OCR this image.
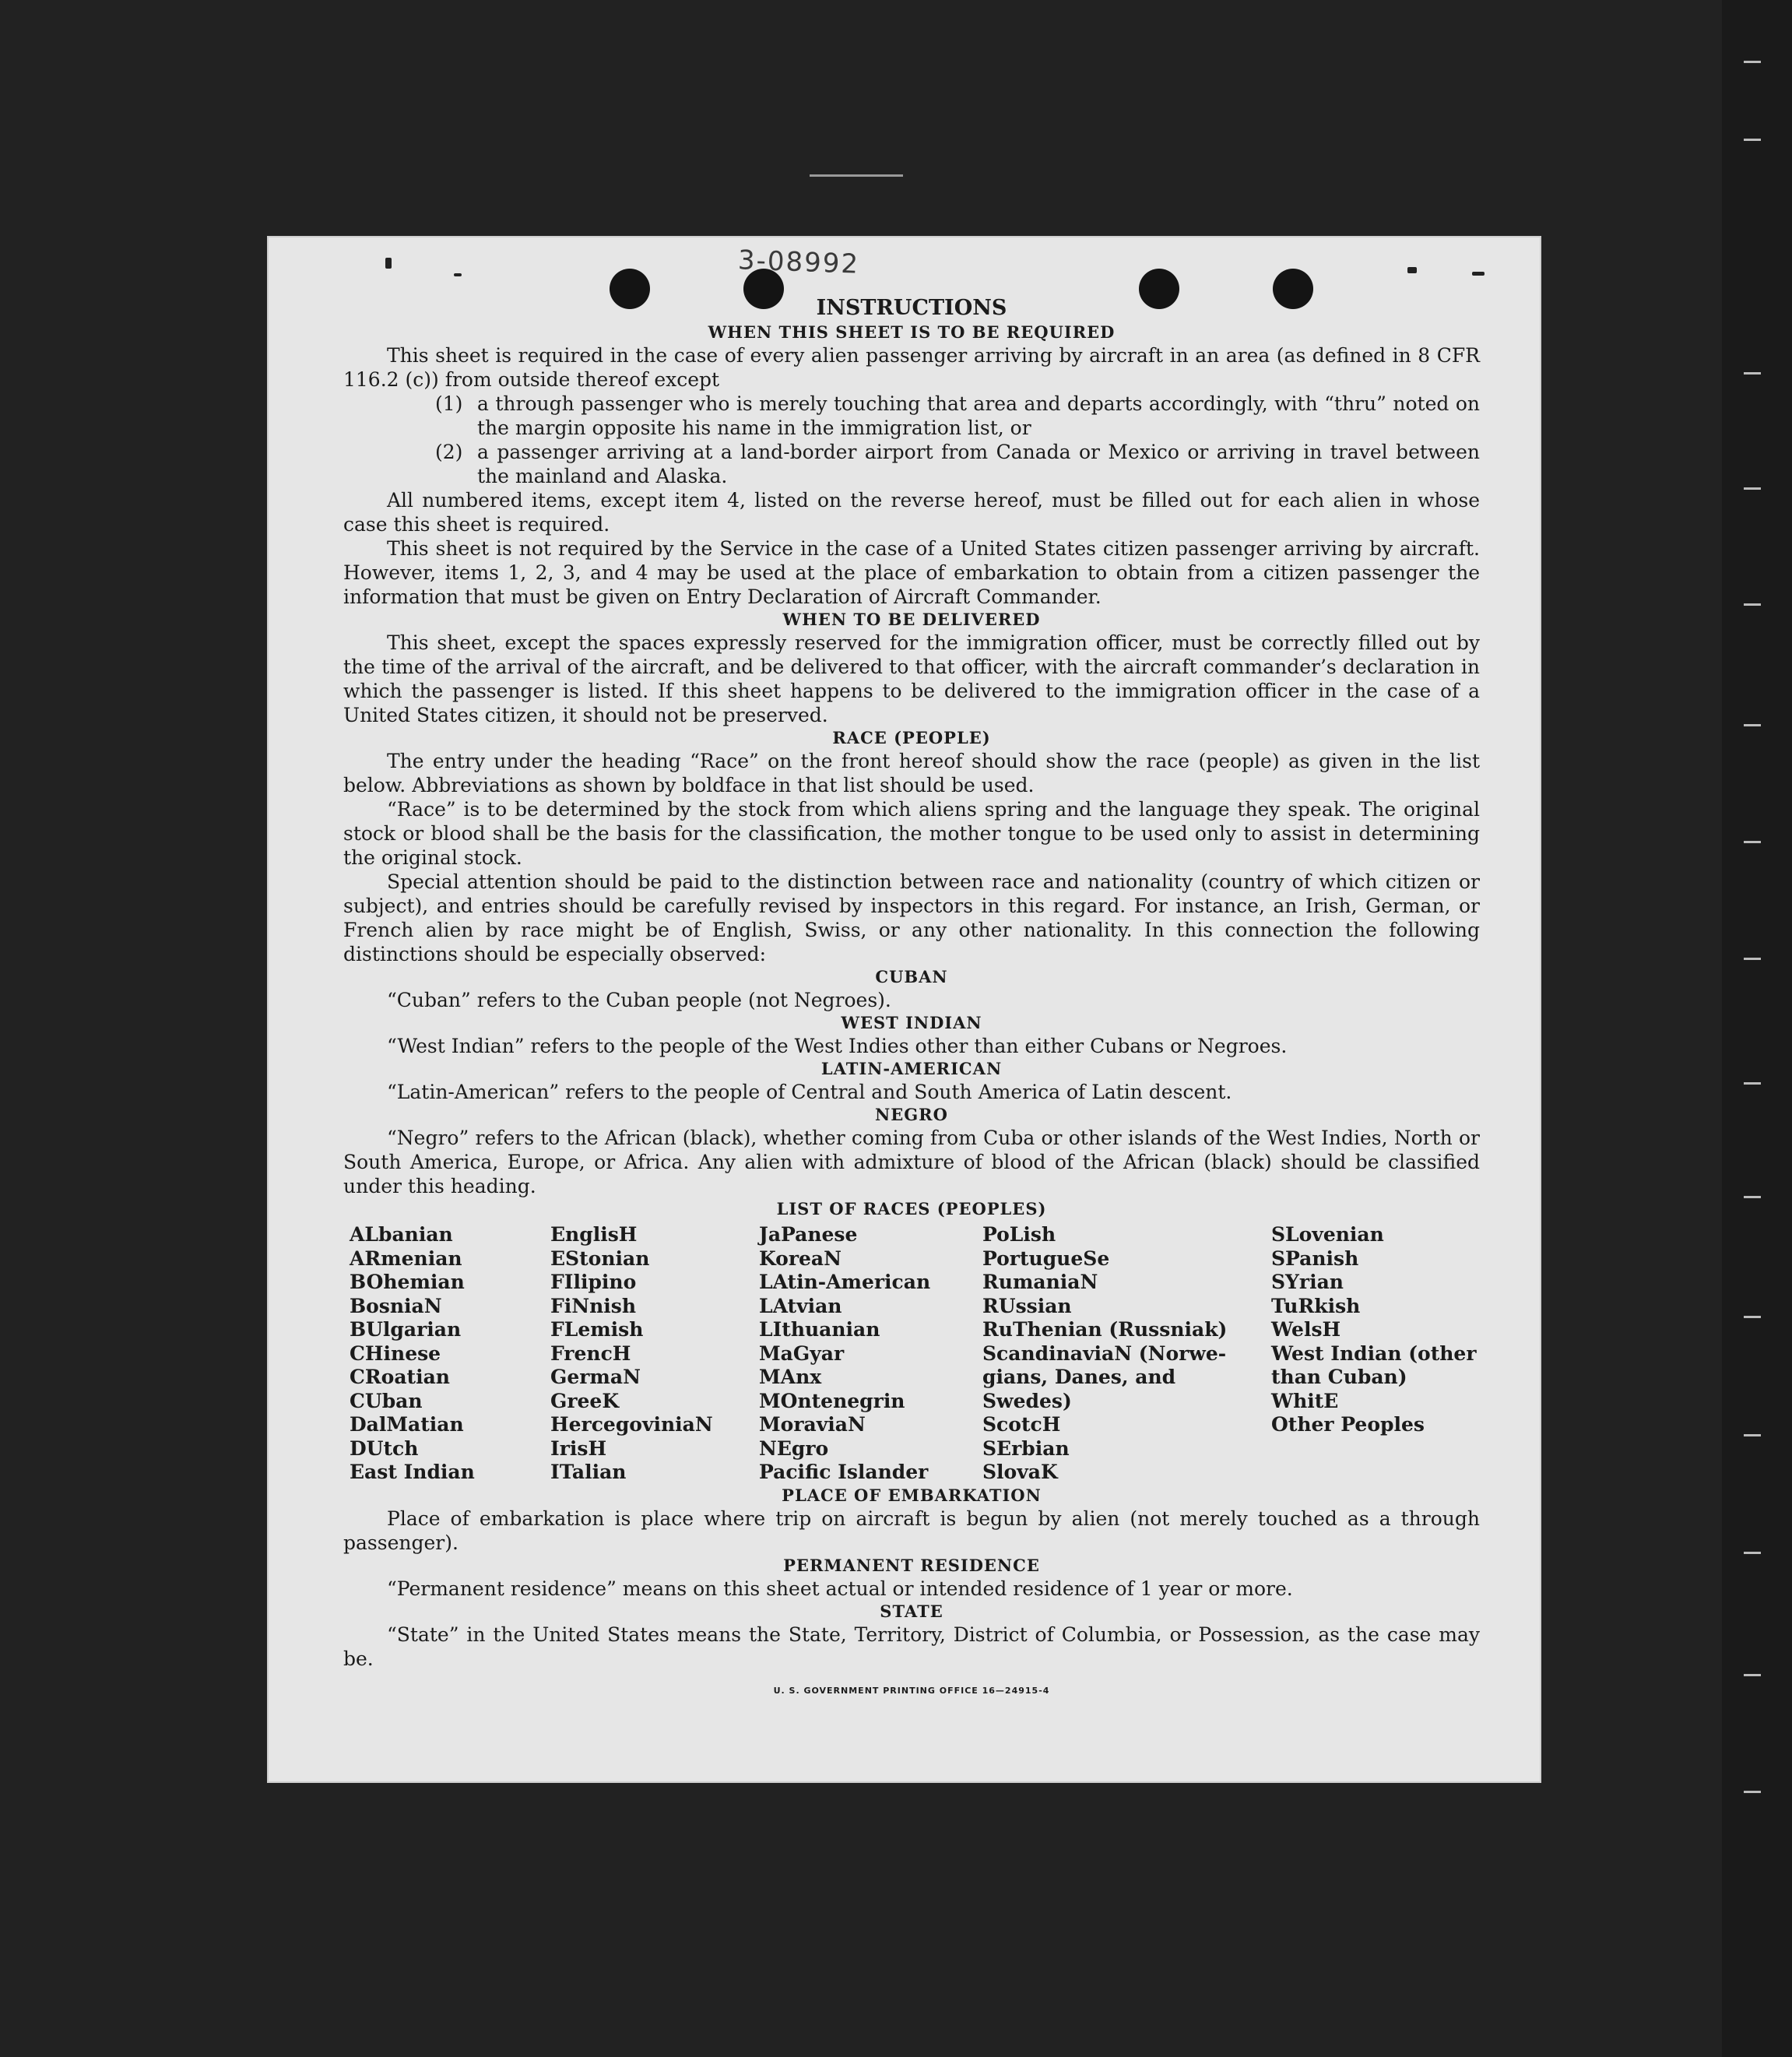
3-08992
INSTRUCTIONS
WHEN THIS SHEET IS TO BE REQUIRED

This sheet is required in the case of every alien passenger arriving by aircraft in an area (as defined in 8 CFR 116.2 (c)) from outside thereof except

(1) a through passenger who is merely touching that area and departs accordingly, with “thru” noted on the margin opposite his name in the immigration list, or
(2) a passenger arriving at a land-border airport from Canada or Mexico or arriving in travel between the mainland and Alaska.

All numbered items, except item 4, listed on the reverse hereof, must be filled out for each alien in whose case this sheet is required.

This sheet is not required by the Service in the case of a United States citizen passenger arriving by aircraft. However, items 1, 2, 3, and 4 may be used at the place of embarkation to obtain from a citizen passenger the information that must be given on Entry Declaration of Aircraft Commander.

WHEN TO BE DELIVERED

This sheet, except the spaces expressly reserved for the immigration officer, must be correctly filled out by the time of the arrival of the aircraft, and be delivered to that officer, with the aircraft commander’s declaration in which the passenger is listed. If this sheet happens to be delivered to the immigration officer in the case of a United States citizen, it should not be preserved.

RACE (PEOPLE)

The entry under the heading “Race” on the front hereof should show the race (people) as given in the list below. Abbreviations as shown by boldface in that list should be used.

“Race” is to be determined by the stock from which aliens spring and the language they speak. The original stock or blood shall be the basis for the classification, the mother tongue to be used only to assist in determining the original stock.

Special attention should be paid to the distinction between race and nationality (country of which citizen or subject), and entries should be carefully revised by inspectors in this regard. For instance, an Irish, German, or French alien by race might be of English, Swiss, or any other nationality. In this connection the following distinctions should be especially observed:

CUBAN

“Cuban” refers to the Cuban people (not Negroes).

WEST INDIAN

“West Indian” refers to the people of the West Indies other than either Cubans or Negroes.

LATIN-AMERICAN

“Latin-American” refers to the people of Central and South America of Latin descent.

NEGRO

“Negro” refers to the African (black), whether coming from Cuba or other islands of the West Indies, North or South America, Europe, or Africa. Any alien with admixture of blood of the African (black) should be classified under this heading.

LIST OF RACES (PEOPLES)
ALbanian
ARmenian
BOhemian
BosniaN
BUlgarian
CHinese
CRoatian
CUban
DalMatian
DUtch
East Indian
EnglisH
EStonian
FIlipino
FiNnish
FLemish
FrencH
GermaN
GreeK
HercegoviniaN
IrisH
ITalian
JaPanese
KoreaN
LAtin-American
LAtvian
LIthuanian
MaGyar
MAnx
MOntenegrin
MoraviaN
NEgro
Pacific Islander
PoLish
PortugueSe
RumaniaN
RUssian
RuThenian (Russniak)
ScandinaviaN (Norwe-
gians, Danes, and
Swedes)
ScotcH
SErbian
SlovaK
SLovenian
SPanish
SYrian
TuRkish
WelsH
West Indian (other
than Cuban)
WhitE
Other Peoples
PLACE OF EMBARKATION

Place of embarkation is place where trip on aircraft is begun by alien (not merely touched as a through passenger).

PERMANENT RESIDENCE

“Permanent residence” means on this sheet actual or intended residence of 1 year or more.

STATE

“State” in the United States means the State, Territory, District of Columbia, or Possession, as the case may be.

U. S. GOVERNMENT PRINTING OFFICE 16—24915-4
